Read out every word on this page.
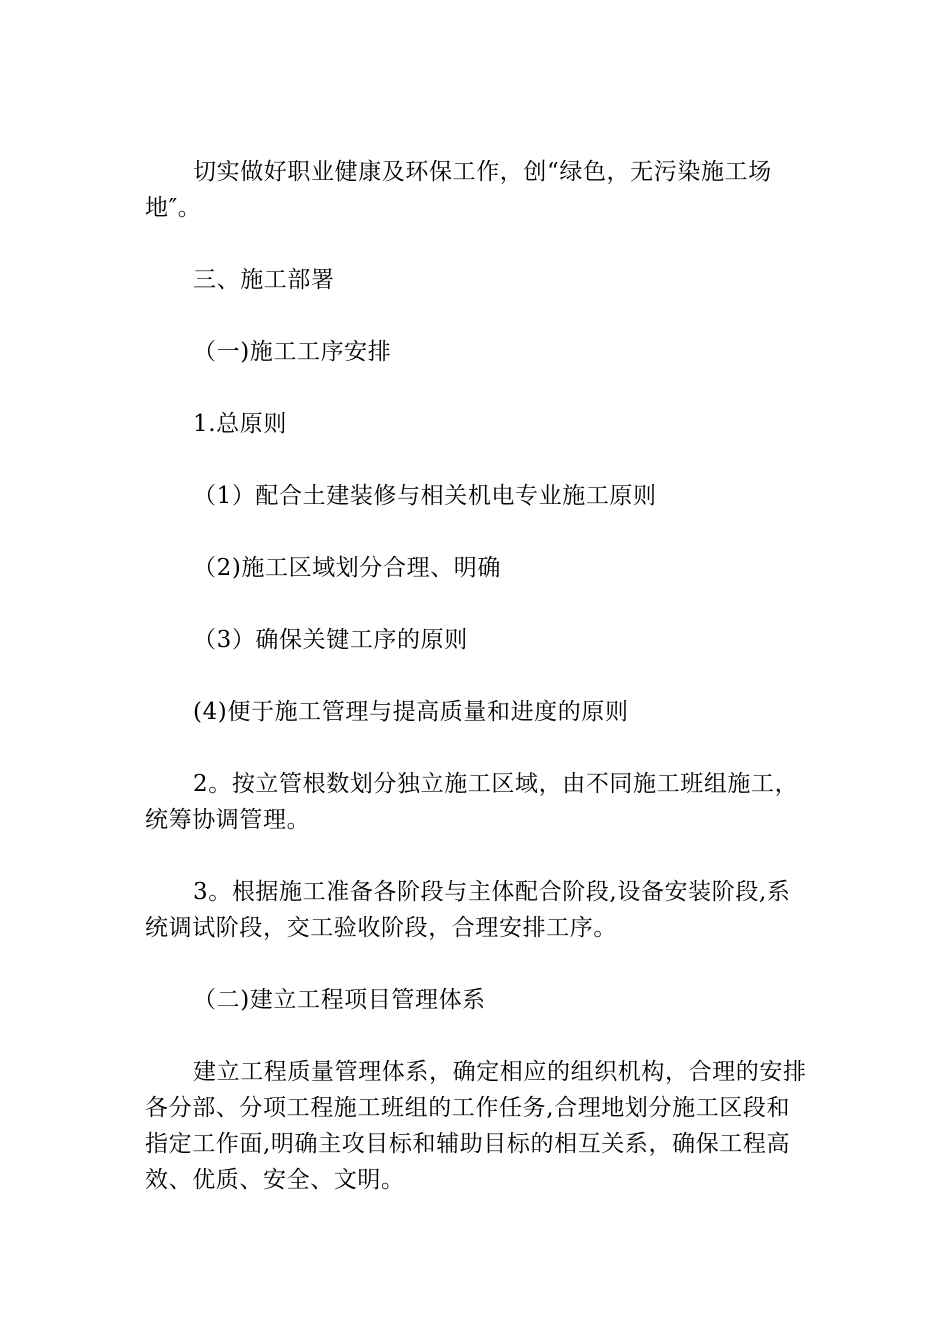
切实做好职业健康及环保工作，创“绿色，无污染施工场地″。
三、施工部署
（一)施工工序安排
1.总原则
（1）配合土建装修与相关机电专业施工原则
（2)施工区域划分合理、明确
（3）确保关键工序的原则
(4)便于施工管理与提高质量和进度的原则
2。按立管根数划分独立施工区域，由不同施工班组施工，统筹协调管理。
3。根据施工准备各阶段与主体配合阶段,设备安装阶段,系统调试阶段，交工验收阶段，合理安排工序。
（二)建立工程项目管理体系
建立工程质量管理体系，确定相应的组织机构，合理的安排各分部、分项工程施工班组的工作任务,合理地划分施工区段和指定工作面,明确主攻目标和辅助目标的相互关系，确保工程高效、优质、安全、文明。
